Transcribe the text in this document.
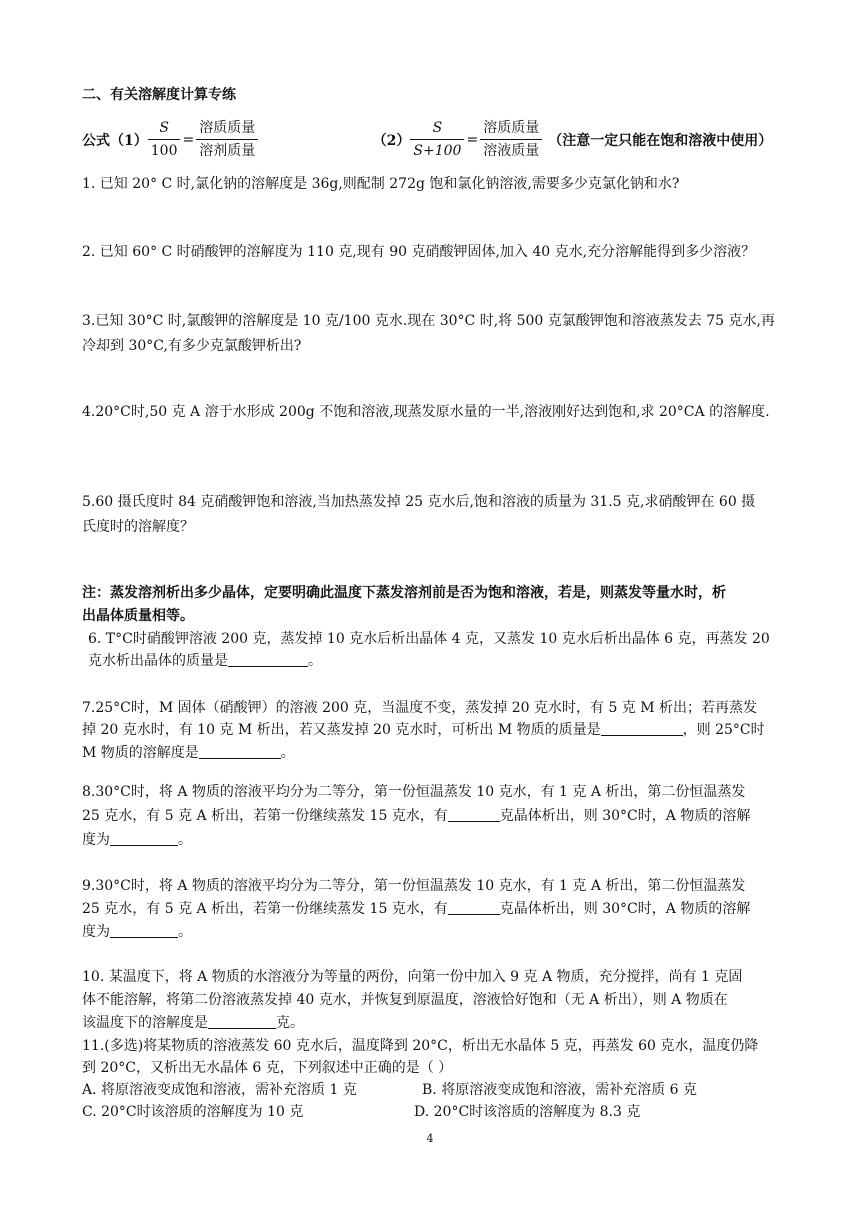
二、有关溶解度计算专练
公式$(1) \frac{S}{100} = \frac{\text{溶质质量}}{\text{溶剂质量}}$
	$(2) \frac{S}{S+100} = \frac{\text{溶质质量}}{\text{溶液质量}}$ （注意一定只能在饱和溶液中使用）
1. 已知 20° C 时,氯化钠的溶解度是 36g,则配制 272g 饱和氯化钠溶液,需要多少克氯化钠和水?
2. 已知 60° C 时硝酸钾的溶解度为 110 克,现有 90 克硝酸钾固体,加入 40 克水,充分溶解能得到多少溶液？
3.已知 30°C 时,氯酸钾的溶解度是 10 克/100 克水.现在 30°C 时,将 500 克氯酸钾饱和溶液蒸发去 75 克水,再
冷却到 30°C,有多少克氯酸钾析出?
4.20°C时,50 克 A 溶于水形成 200g 不饱和溶液,现蒸发原水量的一半,溶液刚好达到饱和,求 20°CA 的溶解度.
5.60 摄氏度时 84 克硝酸钾饱和溶液,当加热蒸发掉 25 克水后,饱和溶液的质量为 31.5 克,求硝酸钾在 60 摄
氏度时的溶解度？
注：蒸发溶剂析出多少晶体，定要明确此温度下蒸发溶剂前是否为饱和溶液，若是，则蒸发等量水时，析
出晶体质量相等。
6. T°C时硝酸钾溶液 200 克，蒸发掉 10 克水后析出晶体 4 克，又蒸发 10 克水后析出晶体 6 克，再蒸发 20
克水析出晶体的质量是	。
7.25°C时，M 固体（硝酸钾）的溶液 200 克，当温度不变，蒸发掉 20 克水时，有 5 克 M 析出；若再蒸发
掉 20 克水时，有 10 克 M 析出，若又蒸发掉 20 克水时，可析出 M 物质的质量是	，则 25°C时
M 物质的溶解度是	。
8.30°C时，将 A 物质的溶液平均分为二等分，第一份恒温蒸发 10 克水，有 1 克 A 析出，第二份恒温蒸发
25 克水，有 5 克 A 析出，若第一份继续蒸发 15 克水，有	克晶体析出，则 30°C时，A 物质的溶解
度为	。
9.30°C时，将 A 物质的溶液平均分为二等分，第一份恒温蒸发 10 克水，有 1 克 A 析出，第二份恒温蒸发
25 克水，有 5 克 A 析出，若第一份继续蒸发 15 克水，有	克晶体析出，则 30°C时，A 物质的溶解
度为	。
10. 某温度下，将 A 物质的水溶液分为等量的两份，向第一份中加入 9 克 A 物质，充分搅拌，尚有 1 克固
体不能溶解，将第二份溶液蒸发掉 40 克水，并恢复到原温度，溶液恰好饱和（无 A 析出），则 A 物质在
该温度下的溶解度是	克。
11.(多选)将某物质的溶液蒸发 60 克水后，温度降到 20°C，析出无水晶体 5 克，再蒸发 60 克水，温度仍降
到 20°C，又析出无水晶体 6 克，下列叙述中正确的是（ ）
A. 将原溶液变成饱和溶液，需补充溶质 1 克	B. 将原溶液变成饱和溶液，需补充溶质 6 克
C. 20°C时该溶质的溶解度为 10 克	D. 20°C时该溶质的溶解度为 8.3 克
4
